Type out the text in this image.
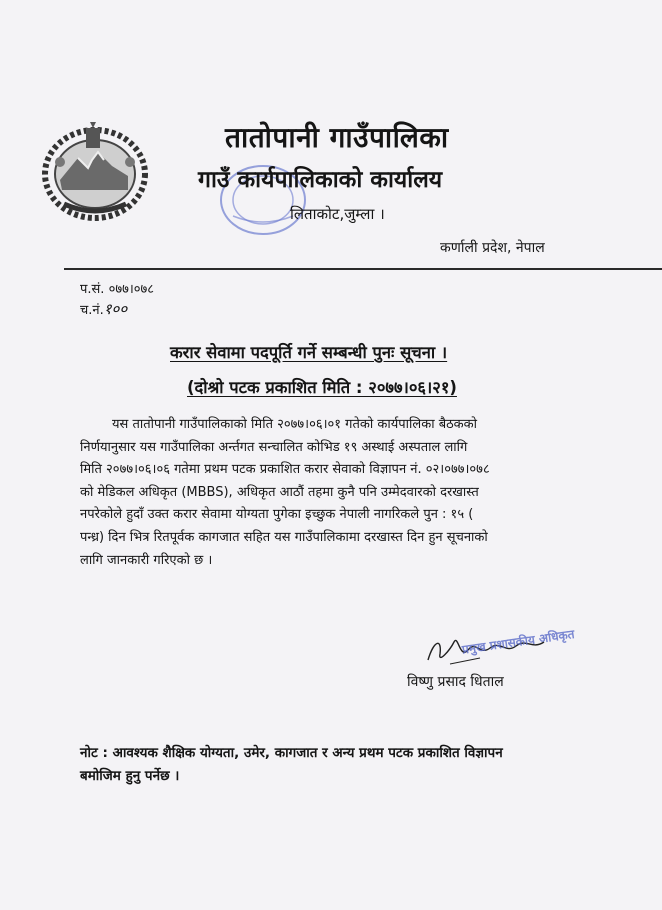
तातोपानी गाउँपालिका
गाउँ कार्यपालिकाको कार्यालय
लिताकोट,जुम्ला ।
कर्णाली प्रदेश, नेपाल
प.सं. ०७७।०७८
च.नं.१००
करार सेवामा पदपूर्ति गर्ने सम्बन्धी पुनः सूचना ।
(दोश्रो पटक प्रकाशित मिति : २०७७।०६।२१)
यस तातोपानी गाउँपालिकाको मिति २०७७।०६।०१ गतेको कार्यपालिका बैठकको
निर्णयानुसार यस गाउँपालिका अर्न्तगत सन्चालित कोभिड १९ अस्थाई अस्पताल लागि
मिति २०७७।०६।०६ गतेमा प्रथम पटक प्रकाशित करार सेवाको विज्ञापन नं. ०२।०७७।०७८
को मेडिकल अधिकृत (MBBS), अधिकृत आठौं तहमा कुनै पनि उम्मेदवारको दरखास्त
नपरेकोले हुदाँ उक्त करार सेवामा योग्यता पुगेका इच्छुक नेपाली नागरिकले पुन : १५ (
पन्ध्र) दिन भित्र रितपूर्वक कागजात सहित यस गाउँपालिकामा दरखास्त दिन हुन सूचनाको
लागि जानकारी गरिएको छ ।
प्रमुख प्रशासकीय अधिकृत
विष्णु प्रसाद धिताल
नोट : आवश्यक शैक्षिक योग्यता, उमेर, कागजात र अन्य प्रथम पटक प्रकाशित विज्ञापन
बमोजिम हुनु पर्नेछ ।
